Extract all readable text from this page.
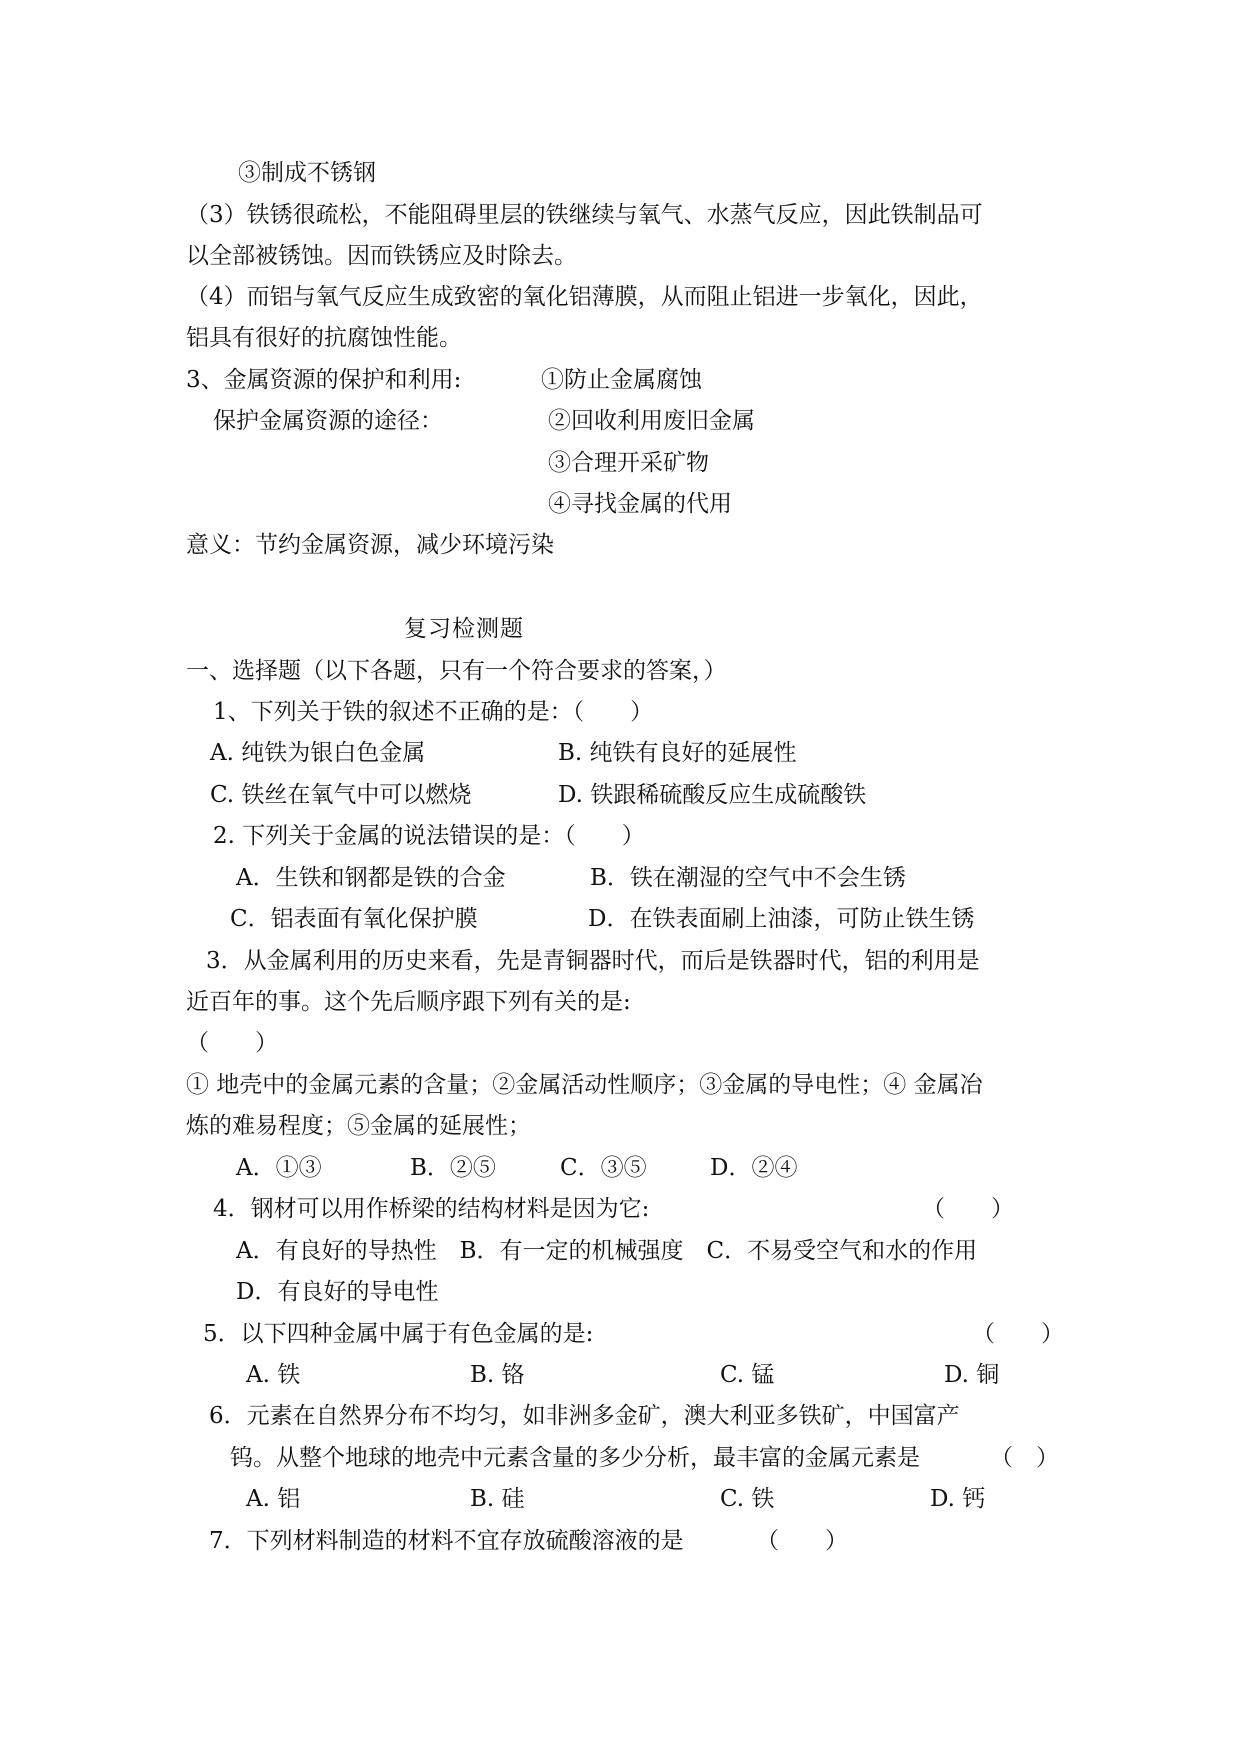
③制成不锈钢
（3）铁锈很疏松，不能阻碍里层的铁继续与氧气、水蒸气反应，因此铁制品可
以全部被锈蚀。因而铁锈应及时除去。
（4）而铝与氧气反应生成致密的氧化铝薄膜，从而阻止铝进一步氧化，因此，
铝具有很好的抗腐蚀性能。
3、金属资源的保护和利用:	①防止金属腐蚀
保护金属资源的途径：	②回收利用废旧金属
③合理开采矿物
④寻找金属的代用
意义：节约金属资源，减少环境污染
复习检测题
一、选择题（以下各题，只有一个符合要求的答案，）
1、下列关于铁的叙述不正确的是：（　　）
A. 纯铁为银白色金属	B. 纯铁有良好的延展性
C. 铁丝在氧气中可以燃烧	D. 铁跟稀硫酸反应生成硫酸铁
2. 下列关于金属的说法错误的是：（　　）
A．生铁和钢都是铁的合金	B．铁在潮湿的空气中不会生锈
C．铝表面有氧化保护膜	D．在铁表面刷上油漆，可防止铁生锈
3．从金属利用的历史来看，先是青铜器时代，而后是铁器时代，铝的利用是
近百年的事。这个先后顺序跟下列有关的是:
（　　）
① 地壳中的金属元素的含量；②金属活动性顺序；③金属的导电性；④ 金属冶
炼的难易程度；⑤金属的延展性；
A．①③	B．②⑤	C．③⑤	D．②④
4．钢材可以用作桥梁的结构材料是因为它:	（　　）
A．有良好的导热性　B．有一定的机械强度　C．不易受空气和水的作用
D．有良好的导电性
5．以下四种金属中属于有色金属的是:	（　　）
A. 铁	B. 铬	C. 锰	D. 铜
6．元素在自然界分布不均匀，如非洲多金矿，澳大利亚多铁矿，中国富产
钨。从整个地球的地壳中元素含量的多少分析，最丰富的金属元素是	（　）
A. 铝	B. 硅	C. 铁	D. 钙
7．下列材料制造的材料不宜存放硫酸溶液的是	（　　）
